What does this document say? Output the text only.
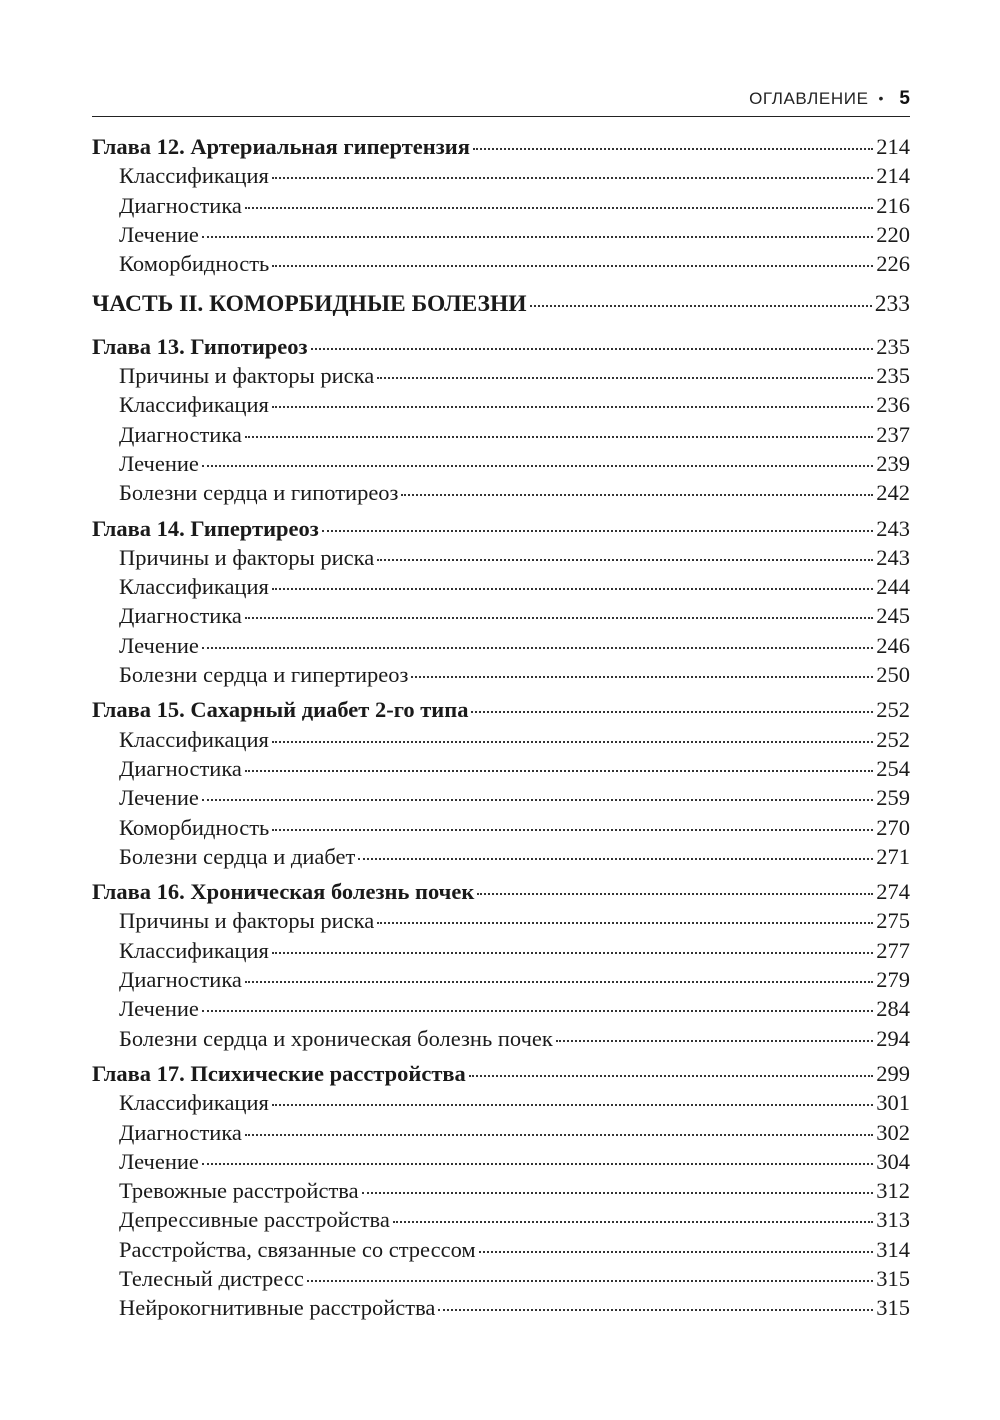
ОГЛАВЛЕНИЕ • 5
Глава 12. Артериальная гипертензия	214
Классификация	214
Диагностика	216
Лечение	220
Коморбидность	226
ЧАСТЬ II. КОМОРБИДНЫЕ БОЛЕЗНИ	233
Глава 13. Гипотиреоз	235
Причины и факторы риска	235
Классификация	236
Диагностика	237
Лечение	239
Болезни сердца и гипотиреоз	242
Глава 14. Гипертиреоз	243
Причины и факторы риска	243
Классификация	244
Диагностика	245
Лечение	246
Болезни сердца и гипертиреоз	250
Глава 15. Сахарный диабет 2-го типа	252
Классификация	252
Диагностика	254
Лечение	259
Коморбидность	270
Болезни сердца и диабет	271
Глава 16. Хроническая болезнь почек	274
Причины и факторы риска	275
Классификация	277
Диагностика	279
Лечение	284
Болезни сердца и хроническая болезнь почек	294
Глава 17. Психические расстройства	299
Классификация	301
Диагностика	302
Лечение	304
Тревожные расстройства	312
Депрессивные расстройства	313
Расстройства, связанные со стрессом	314
Телесный дистресс	315
Нейрокогнитивные расстройства	315
